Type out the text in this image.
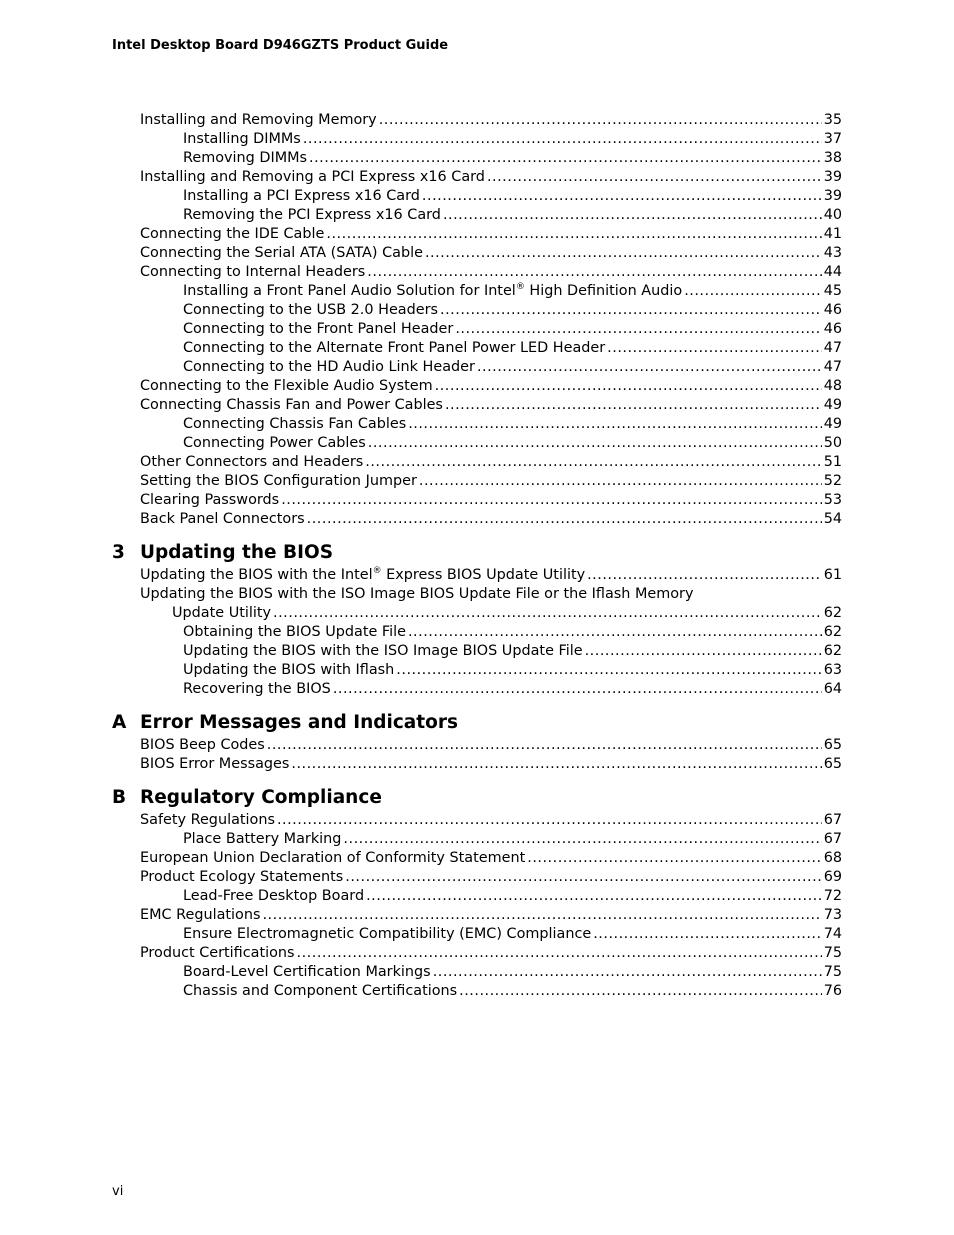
Intel Desktop Board D946GZTS Product Guide
Installing and Removing Memory .....	35
Installing DIMMs .....	37
Removing DIMMs .....	38
Installing and Removing a PCI Express x16 Card .....	39
Installing a PCI Express x16 Card .....	39
Removing the PCI Express x16 Card .....	40
Connecting the IDE Cable .....	41
Connecting the Serial ATA (SATA) Cable .....	43
Connecting to Internal Headers .....	44
Installing a Front Panel Audio Solution for Intel® High Definition Audio .....	45
Connecting to the USB 2.0 Headers .....	46
Connecting to the Front Panel Header .....	46
Connecting to the Alternate Front Panel Power LED Header .....	47
Connecting to the HD Audio Link Header .....	47
Connecting to the Flexible Audio System .....	48
Connecting Chassis Fan and Power Cables .....	49
Connecting Chassis Fan Cables .....	49
Connecting Power Cables .....	50
Other Connectors and Headers .....	51
Setting the BIOS Configuration Jumper .....	52
Clearing Passwords .....	53
Back Panel Connectors .....	54
3 Updating the BIOS
Updating the BIOS with the Intel® Express BIOS Update Utility .....	61
Updating the BIOS with the ISO Image BIOS Update File or the Iflash Memory
Update Utility .....	62
Obtaining the BIOS Update File .....	62
Updating the BIOS with the ISO Image BIOS Update File .....	62
Updating the BIOS with Iflash .....	63
Recovering the BIOS .....	64
A Error Messages and Indicators
BIOS Beep Codes .....	65
BIOS Error Messages .....	65
B Regulatory Compliance
Safety Regulations .....	67
Place Battery Marking .....	67
European Union Declaration of Conformity Statement .....	68
Product Ecology Statements .....	69
Lead-Free Desktop Board .....	72
EMC Regulations .....	73
Ensure Electromagnetic Compatibility (EMC) Compliance .....	74
Product Certifications .....	75
Board-Level Certification Markings .....	75
Chassis and Component Certifications .....	76
vi
